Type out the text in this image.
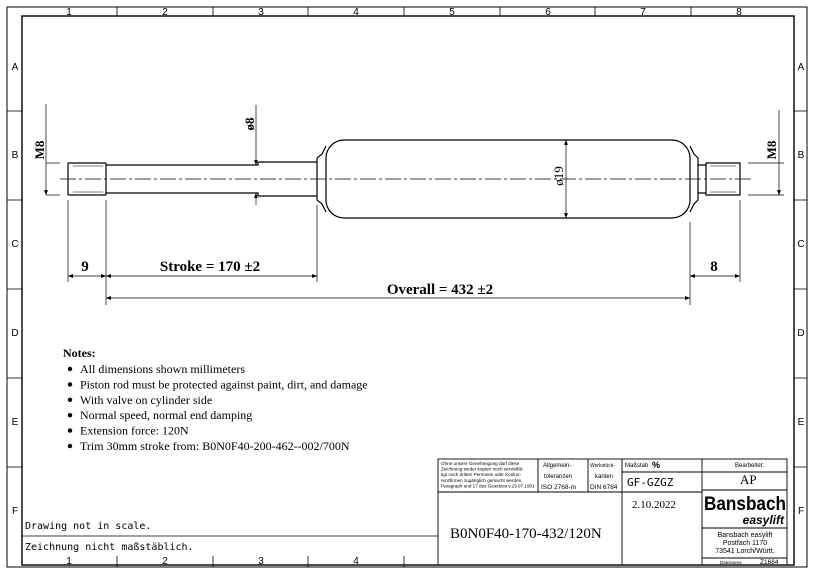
1
1
2
2
3
3
4
4
5	6	7	8
A	A
B	B
C	C
D	D
E	E
F	F
M8
ø8
ø19
M8
9	Stroke = 170 ±2	8
Overall = 432 ±2
Notes:
All dimensions shown millimeters
Piston rod must be protected against paint, dirt, and damage
With valve on cylinder side
Normal speed, normal end damping
Extension force: 120N
Trim 30mm stroke from: B0N0F40-200-462--002/700N
Drawing not in scale.
Zeichnung nicht maßstäblich.
Ohne unsere Genehmigung darf diese
Zeichnung weder kopiert noch vervielfäl-
tigt noch dritten Personen oder Konkur-
renzfirmen zugänglich gemacht werden.
Paragraph und 17 des Gesetzes v.19.07.1901
Allgemein-
toleranzen
ISO 2768-m
Werkstück-
kanten
DIN 6784
Maßstab %	Bearbeitet:
AP
GF-GZGZ
2.10.2022
B0N0F40-170-432/120N
Bansbach
easylift
Bansbach easylift
Postfach 1170
73541 Lorch/Württ.
Dateiname	Z1684
